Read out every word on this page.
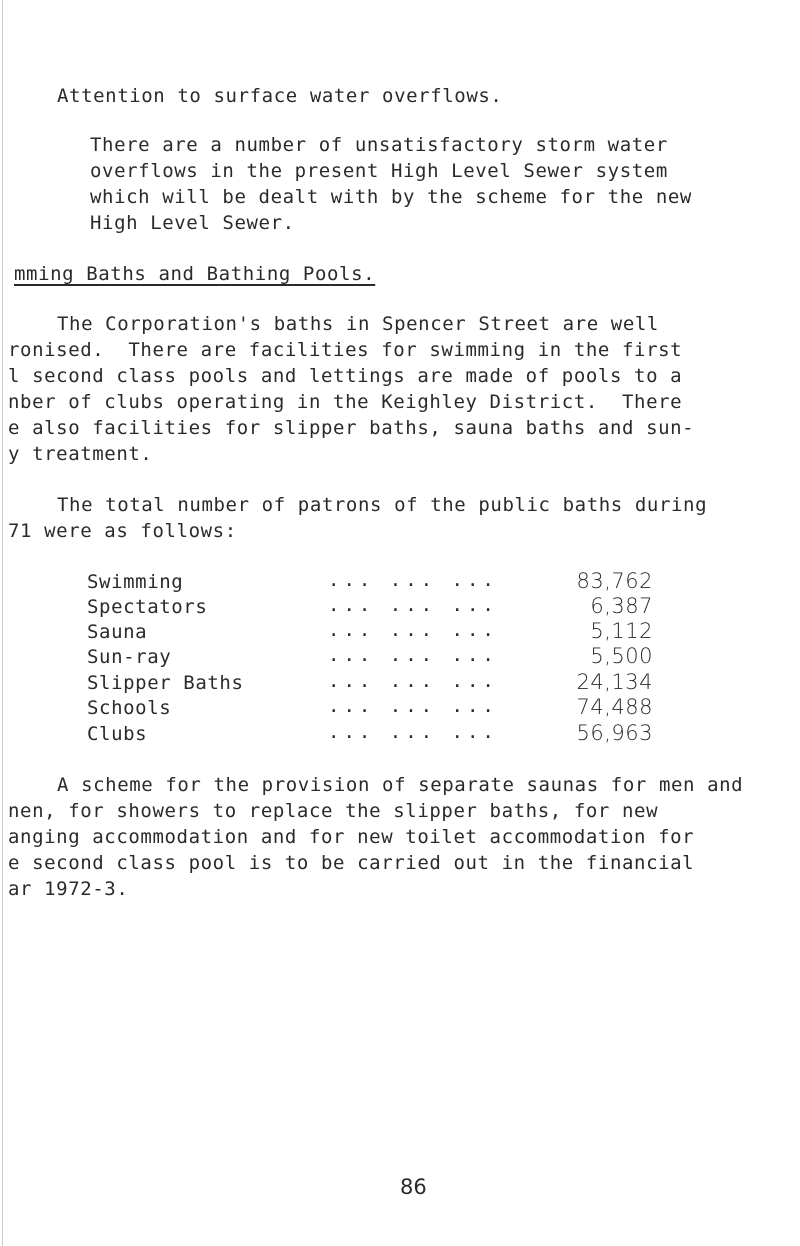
Attention to surface water overflows.
There are a number of unsatisfactory storm water
overflows in the present High Level Sewer system
which will be dealt with by the scheme for the new
High Level Sewer.
mming Baths and Bathing Pools.
The Corporation's baths in Spencer Street are well
ronised.  There are facilities for swimming in the first
l second class pools and lettings are made of pools to a
nber of clubs operating in the Keighley District.  There
e also facilities for slipper baths, sauna baths and sun-
y treatment.
The total number of patrons of the public baths during
71 were as follows:
Swimming	... ... ...	83,762
Spectators	... ... ...	6,387
Sauna	... ... ...	5,112
Sun-ray	... ... ...	5,500
Slipper Baths	... ... ...	24,134
Schools	... ... ...	74,488
Clubs	... ... ...	56,963
A scheme for the provision of separate saunas for men and
nen, for showers to replace the slipper baths, for new
anging accommodation and for new toilet accommodation for
e second class pool is to be carried out in the financial
ar 1972-3.
86
